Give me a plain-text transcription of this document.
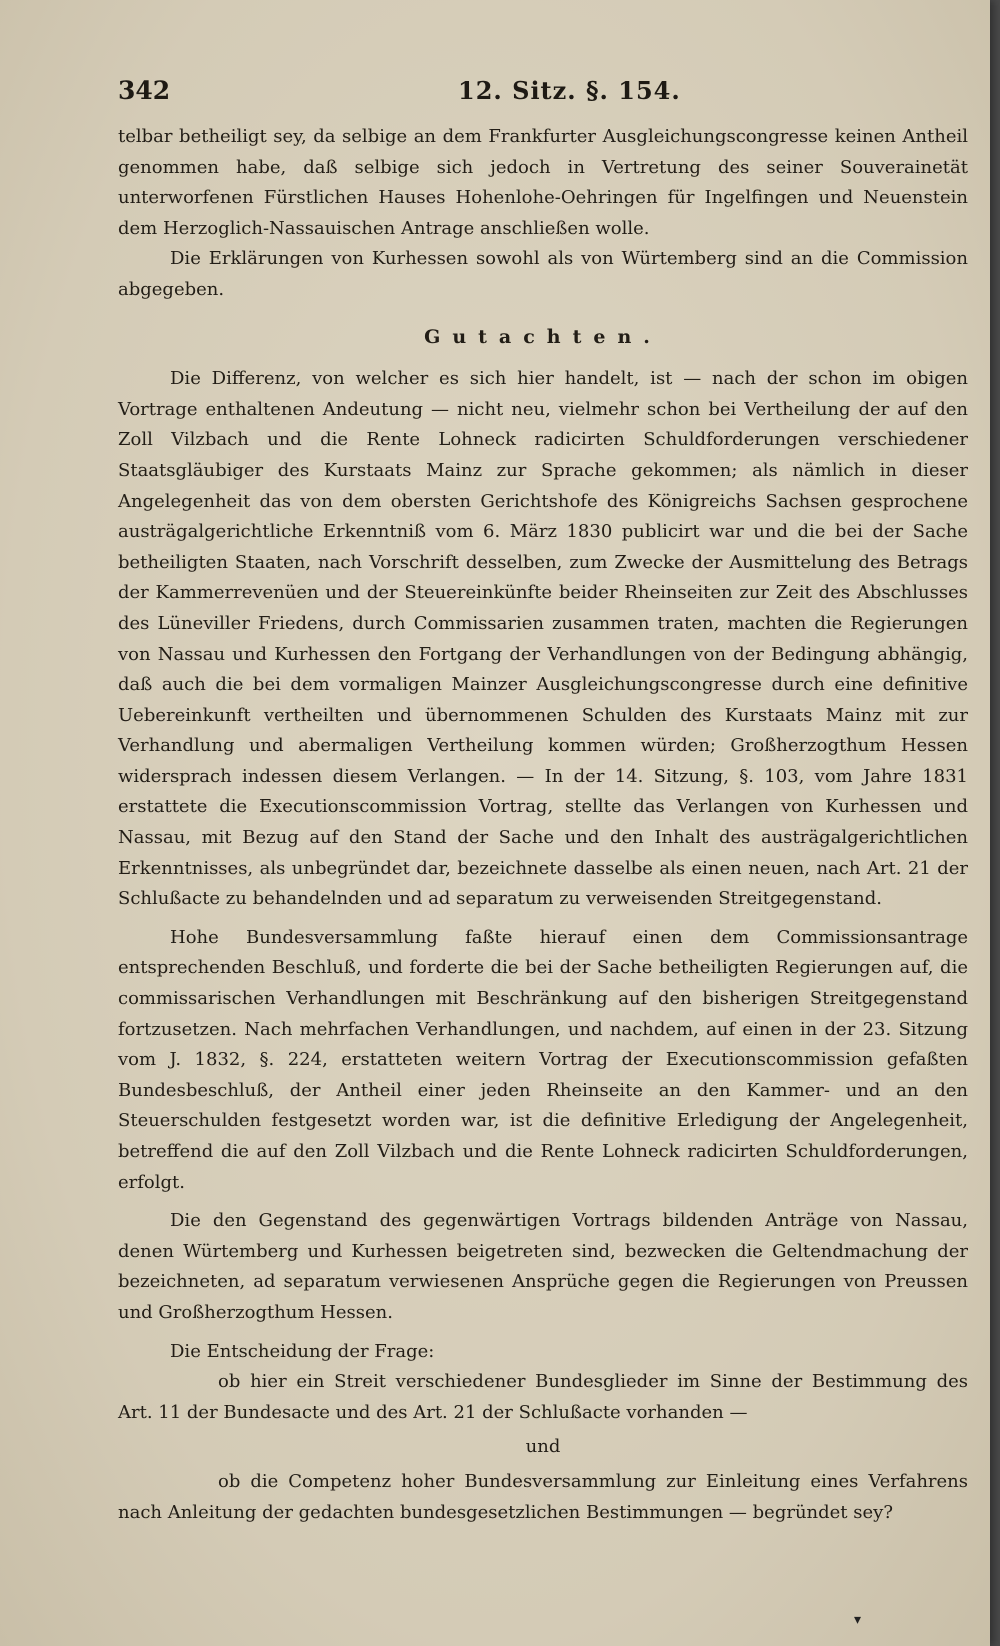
342	12. Sitz. §. 154.

telbar betheiligt sey, da selbige an dem Frankfurter Ausgleichungscongresse keinen Antheil genommen habe, daß selbige sich jedoch in Vertretung des seiner Souverainetät unterworfenen Fürstlichen Hauses Hohenlohe-Oehringen für Ingelfingen und Neuenstein dem Herzoglich-Nassauischen Antrage anschließen wolle.

Die Erklärungen von Kurhessen sowohl als von Würtemberg sind an die Commission abgegeben.

Gutachten.

Die Differenz, von welcher es sich hier handelt, ist — nach der schon im obigen Vortrage enthaltenen Andeutung — nicht neu, vielmehr schon bei Vertheilung der auf den Zoll Vilzbach und die Rente Lohneck radicirten Schuldforderungen verschiedener Staatsgläubiger des Kurstaats Mainz zur Sprache gekommen; als nämlich in dieser Angelegenheit das von dem obersten Gerichtshofe des Königreichs Sachsen gesprochene austrägalgerichtliche Erkenntniß vom 6. März 1830 publicirt war und die bei der Sache betheiligten Staaten, nach Vorschrift desselben, zum Zwecke der Ausmittelung des Betrags der Kammerrevenüen und der Steuereinkünfte beider Rheinseiten zur Zeit des Abschlusses des Lüneviller Friedens, durch Commissarien zusammen traten, machten die Regierungen von Nassau und Kurhessen den Fortgang der Verhandlungen von der Bedingung abhängig, daß auch die bei dem vormaligen Mainzer Ausgleichungscongresse durch eine definitive Uebereinkunft vertheilten und übernommenen Schulden des Kurstaats Mainz mit zur Verhandlung und abermaligen Vertheilung kommen würden; Großherzogthum Hessen widersprach indessen diesem Verlangen. — In der 14. Sitzung, §. 103, vom Jahre 1831 erstattete die Executionscommission Vortrag, stellte das Verlangen von Kurhessen und Nassau, mit Bezug auf den Stand der Sache und den Inhalt des austrägalgerichtlichen Erkenntnisses, als unbegründet dar, bezeichnete dasselbe als einen neuen, nach Art. 21 der Schlußacte zu behandelnden und ad separatum zu verweisenden Streitgegenstand.

Hohe Bundesversammlung faßte hierauf einen dem Commissionsantrage entsprechenden Beschluß, und forderte die bei der Sache betheiligten Regierungen auf, die commissarischen Verhandlungen mit Beschränkung auf den bisherigen Streitgegenstand fortzusetzen. Nach mehrfachen Verhandlungen, und nachdem, auf einen in der 23. Sitzung vom J. 1832, §. 224, erstatteten weitern Vortrag der Executionscommission gefaßten Bundesbeschluß, der Antheil einer jeden Rheinseite an den Kammer- und an den Steuerschulden festgesetzt worden war, ist die definitive Erledigung der Angelegenheit, betreffend die auf den Zoll Vilzbach und die Rente Lohneck radicirten Schuldforderungen, erfolgt.

Die den Gegenstand des gegenwärtigen Vortrags bildenden Anträge von Nassau, denen Würtemberg und Kurhessen beigetreten sind, bezwecken die Geltendmachung der bezeichneten, ad separatum verwiesenen Ansprüche gegen die Regierungen von Preussen und Großherzogthum Hessen.

Die Entscheidung der Frage:

ob hier ein Streit verschiedener Bundesglieder im Sinne der Bestimmung des Art. 11 der Bundesacte und des Art. 21 der Schlußacte vorhanden —

und

ob die Competenz hoher Bundesversammlung zur Einleitung eines Verfahrens nach Anleitung der gedachten bundesgesetzlichen Bestimmungen — begründet sey?

▾
